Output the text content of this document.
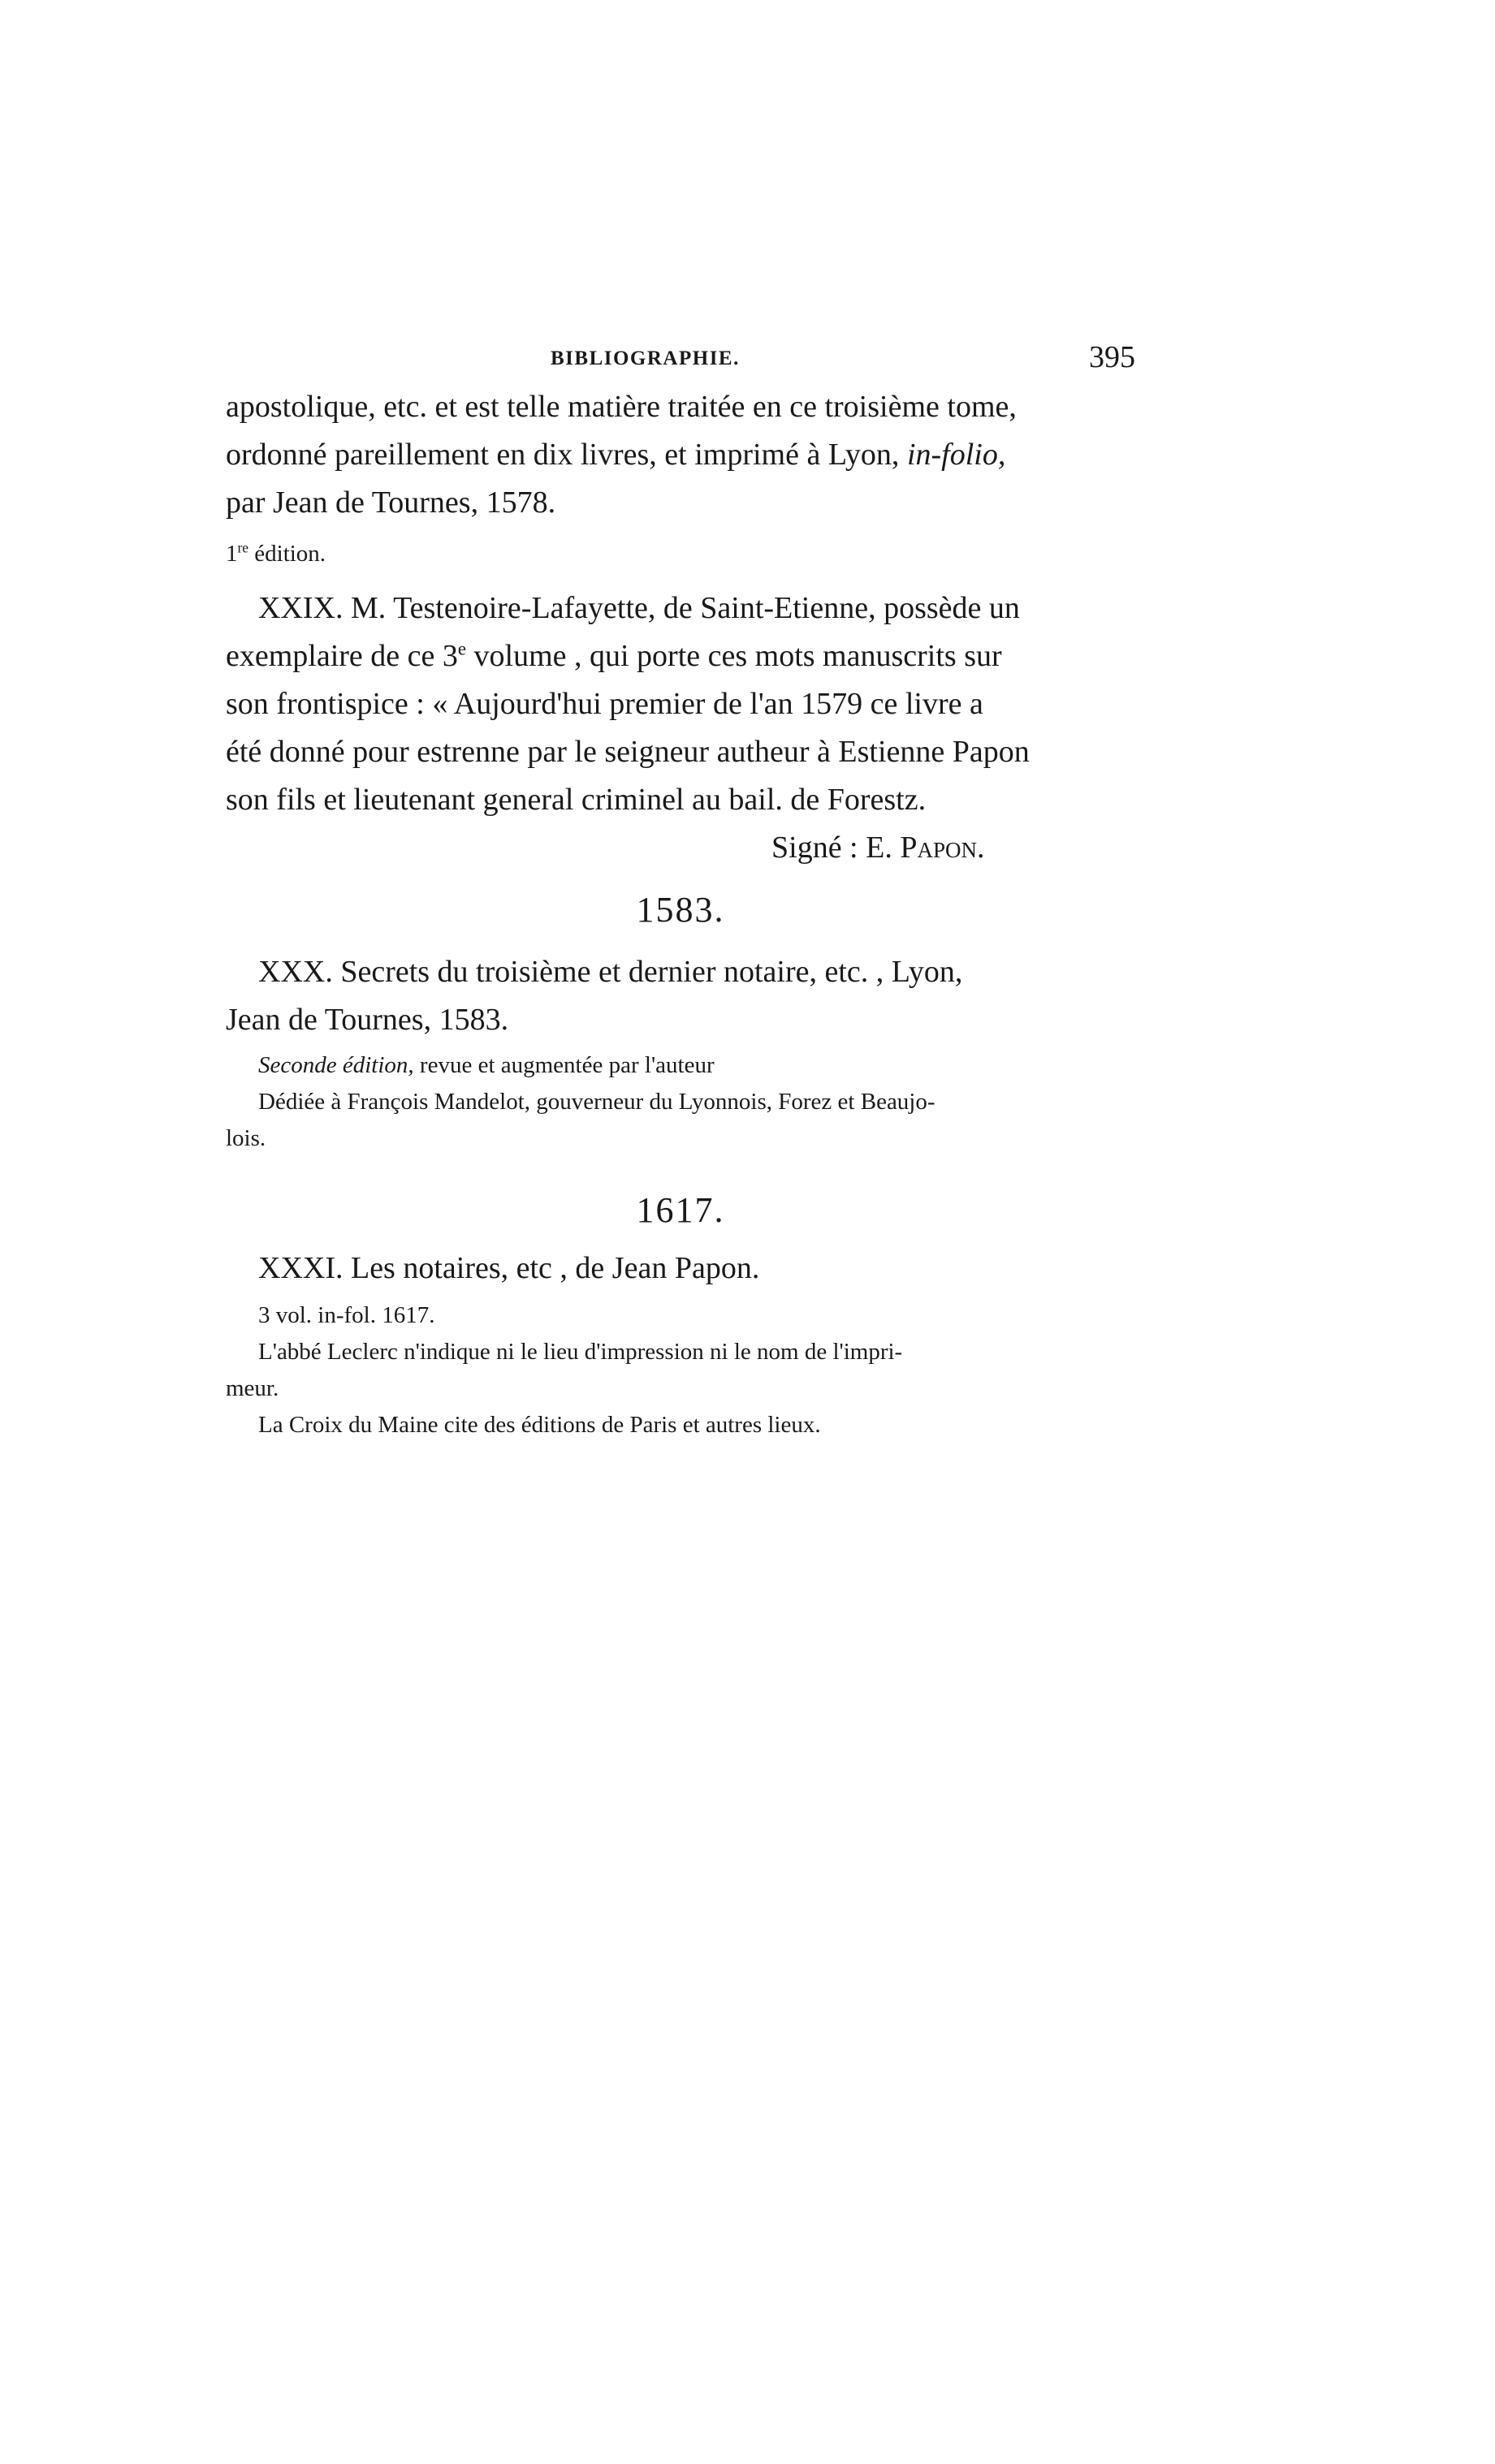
BIBLIOGRAPHIE.	395
apostolique, etc. et est telle matière traitée en ce troisième tome,
ordonné pareillement en dix livres, et imprimé à Lyon, in-folio,
par Jean de Tournes, 1578.
1re édition.
XXIX. M. Testenoire-Lafayette, de Saint-Etienne, possède un
exemplaire de ce 3e volume , qui porte ces mots manuscrits sur
son frontispice : « Aujourd'hui premier de l'an 1579 ce livre a
été donné pour estrenne par le seigneur autheur à Estienne Papon
son fils et lieutenant general criminel au bail. de Forestz.
Signé : E. Papon.
1583.
XXX. Secrets du troisième et dernier notaire, etc. , Lyon,
Jean de Tournes, 1583.
Seconde édition, revue et augmentée par l'auteur
Dédiée à François Mandelot, gouverneur du Lyonnois, Forez et Beaujo-
lois.
1617.
XXXI. Les notaires, etc , de Jean Papon.
3 vol. in-fol. 1617.
L'abbé Leclerc n'indique ni le lieu d'impression ni le nom de l'impri-
meur.
La Croix du Maine cite des éditions de Paris et autres lieux.
